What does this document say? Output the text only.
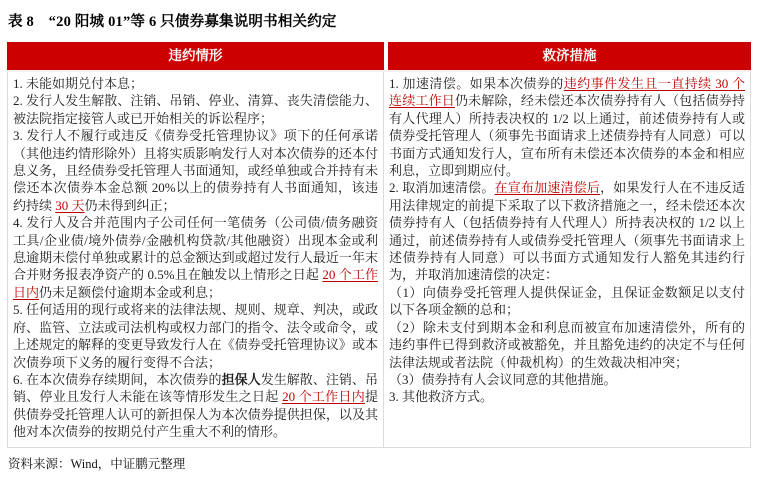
表 8　“20 阳城 01”等 6 只债券募集说明书相关约定
违约情形	救济措施
1. 未能如期兑付本息；
2. 发行人发生解散、注销、吊销、停业、清算、丧失清偿能力、被法院指定接管人或已开始相关的诉讼程序；
3. 发行人不履行或违反《债券受托管理协议》项下的任何承诺（其他违约情形除外）且将实质影响发行人对本次债券的还本付息义务，且经债券受托管理人书面通知，或经单独或合并持有未偿还本次债券本金总额 20%以上的债券持有人书面通知，该违约持续 30 天仍未得到纠正；
4. 发行人及合并范围内子公司任何一笔债务（公司债/债务融资工具/企业债/境外债券/金融机构贷款/其他融资）出现本金或利息逾期未偿付单独或累计的总金额达到或超过发行人最近一年末合并财务报表净资产的 0.5%且在触发以上情形之日起 20 个工作日内仍未足额偿付逾期本金或利息；
5. 任何适用的现行或将来的法律法规、规则、规章、判决，或政府、监管、立法或司法机构或权力部门的指令、法令或命令，或上述规定的解释的变更导致发行人在《债券受托管理协议》或本次债券项下义务的履行变得不合法；
6. 在本次债券存续期间，本次债券的担保人发生解散、注销、吊销、停业且发行人未能在该等情形发生之日起 20 个工作日内提供债券受托管理人认可的新担保人为本次债券提供担保，以及其他对本次债券的按期兑付产生重大不利的情形。
1. 加速清偿。如果本次债券的违约事件发生且一直持续 30 个连续工作日仍未解除，经未偿还本次债券持有人（包括债券持有人代理人）所持表决权的 1/2 以上通过，前述债券持有人或债券受托管理人（须事先书面请求上述债券持有人同意）可以书面方式通知发行人，宣布所有未偿还本次债券的本金和相应利息，立即到期应付。
2. 取消加速清偿。在宣布加速清偿后，如果发行人在不违反适用法律规定的前提下采取了以下救济措施之一，经未偿还本次债券持有人（包括债券持有人代理人）所持表决权的 1/2 以上通过，前述债券持有人或债券受托管理人（须事先书面请求上述债券持有人同意）可以书面方式通知发行人豁免其违约行为，并取消加速清偿的决定：
（1）向债券受托管理人提供保证金，且保证金数额足以支付以下各项金额的总和；
（2）除未支付到期本金和利息而被宣布加速清偿外，所有的违约事件已得到救济或被豁免，并且豁免违约的决定不与任何法律法规或者法院（仲裁机构）的生效裁决相冲突；
（3）债券持有人会议同意的其他措施。
3. 其他救济方式。
资料来源：Wind，中证鹏元整理
